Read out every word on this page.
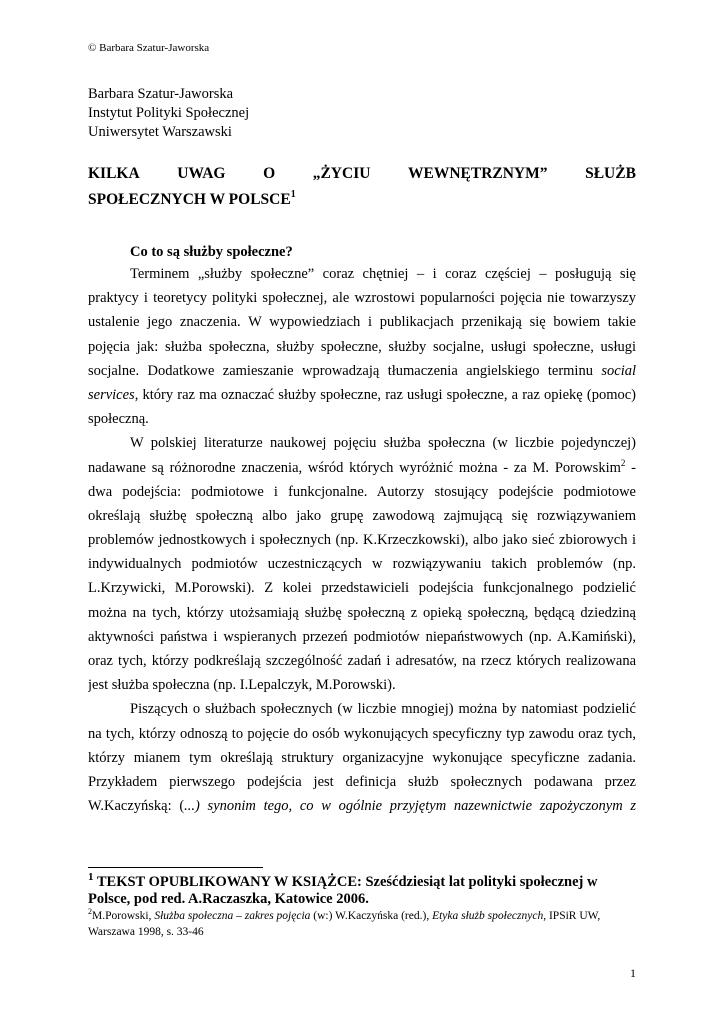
© Barbara Szatur-Jaworska
Barbara Szatur-Jaworska
Instytut Polityki Społecznej
Uniwersytet Warszawski
KILKA UWAG O „ŻYCIU WEWNĘTRZNYM” SŁUŻB
SPOŁECZNYCH W POLSCE$^1$
Co to są służby społeczne?
Terminem „służby społeczne” coraz chętniej – i coraz częściej – posługują się
praktycy i teoretycy polityki społecznej, ale wzrostowi popularności pojęcia nie towarzyszy
ustalenie jego znaczenia. W wypowiedziach i publikacjach przenikają się bowiem takie
pojęcia jak: służba społeczna, służby społeczne, służby socjalne, usługi społeczne, usługi
socjalne. Dodatkowe zamieszanie wprowadzają tłumaczenia angielskiego terminu social
services, który raz ma oznaczać służby społeczne, raz usługi społeczne, a raz opiekę (pomoc)
społeczną.
W polskiej literaturze naukowej pojęciu służba społeczna (w liczbie pojedynczej)
nadawane są różnorodne znaczenia, wśród których wyróżnić można - za M. Porowskim$^2$ -
dwa podejścia: podmiotowe i funkcjonalne. Autorzy stosujący podejście podmiotowe
określają służbę społeczną albo jako grupę zawodową zajmującą się rozwiązywaniem
problemów jednostkowych i społecznych (np. K.Krzeczkowski), albo jako sieć zbiorowych i
indywidualnych podmiotów uczestniczących w rozwiązywaniu takich problemów (np.
L.Krzywicki, M.Porowski). Z kolei przedstawicieli podejścia funkcjonalnego podzielić
można na tych, którzy utożsamiają służbę społeczną z opieką społeczną, będącą dziedziną
aktywności państwa i wspieranych przezeń podmiotów niepaństwowych (np. A.Kamiński),
oraz tych, którzy podkreślają szczególność zadań i adresatów, na rzecz których realizowana
jest służba społeczna (np. I.Lepalczyk, M.Porowski).
Piszących o służbach społecznych (w liczbie mnogiej) można by natomiast podzielić
na tych, którzy odnoszą to pojęcie do osób wykonujących specyficzny typ zawodu oraz tych,
którzy mianem tym określają struktury organizacyjne wykonujące specyficzne zadania.
Przykładem pierwszego podejścia jest definicja służb społecznych podawana przez
W.Kaczyńską: (...) synonim tego, co w ogólnie przyjętym nazewnictwie zapożyczonym z
$^1$ TEKST OPUBLIKOWANY W KSIĄŻCE: Sześćdziesiąt lat polityki społecznej w Polsce, pod red. A.Raczaszka, Katowice 2006.
$^2$M.Porowski, Służba społeczna – zakres pojęcia (w:) W.Kaczyńska (red.), Etyka służb społecznych, IPSiR UW, Warszawa 1998, s. 33-46
1
